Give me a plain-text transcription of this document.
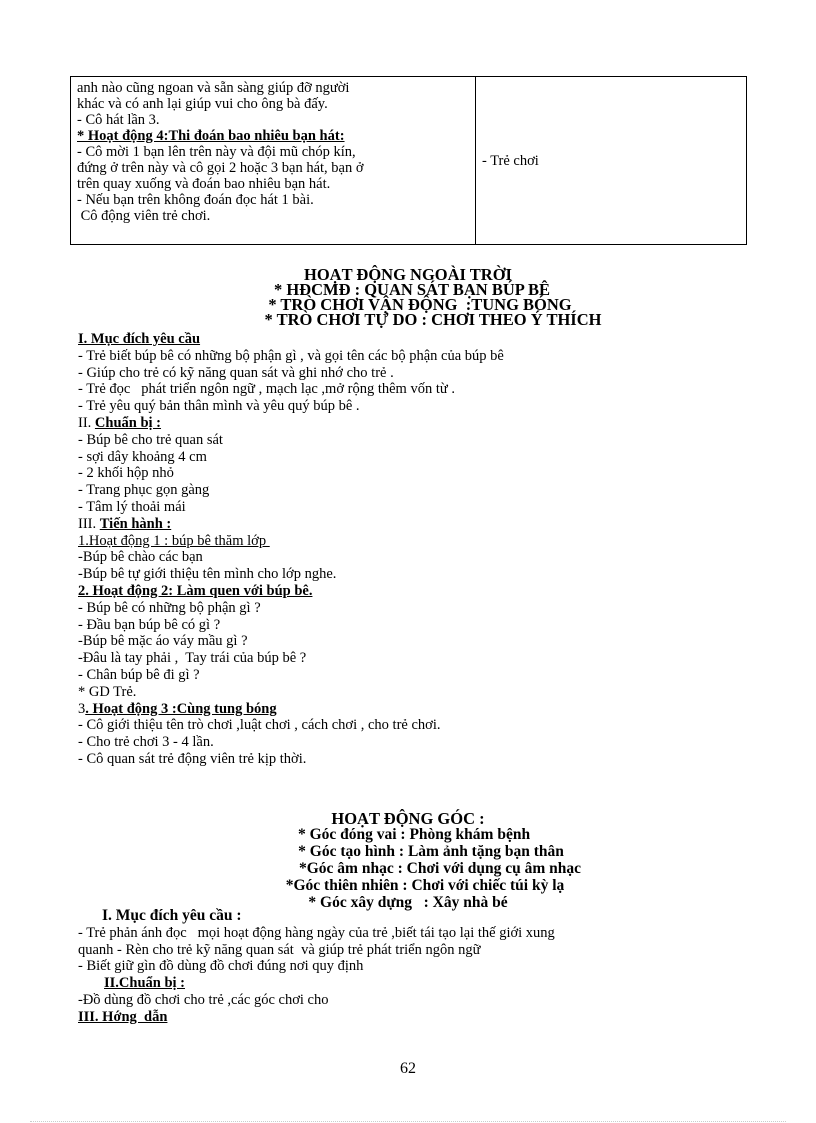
anh nào cũng ngoan và sẵn sàng giúp đỡ người
khác và có anh lại giúp vui cho ông bà đấy.
- Cô hát lần 3.
* Hoạt động 4:Thi đoán bao nhiêu bạn hát:
- Cô mời 1 bạn lên trên này và đội mũ chóp kín,
đứng ở trên này và cô gọi 2 hoặc 3 bạn hát, bạn ở
trên quay xuống và đoán bao nhiêu bạn hát.
- Nếu bạn trên không đoán đọc hát 1 bài.
Cô động viên trẻ chơi.
	- Trẻ chơi
HOẠT ĐỘNG NGOÀI TRỜI
* HĐCMĐ : QUAN SÁT BẠN BÚP BÊ
* TRÒ CHƠI VẬN ĐỘNG  :TUNG BÓNG
* TRÒ CHƠI TỰ DO : CHƠI THEO Ý THÍCH
I. Mục đích yêu cầu
- Trẻ biết búp bê có những bộ phận gì , và gọi tên các bộ phận của búp bê
- Giúp cho trẻ có kỹ năng quan sát và ghi nhớ cho trẻ .
- Trẻ đọc   phát triển ngôn ngữ , mạch lạc ,mở rộng thêm vốn từ .
- Trẻ yêu quý bản thân mình và yêu quý búp bê .
II. Chuẩn bị :
- Búp bê cho trẻ quan sát
- sợi dây khoảng 4 cm
- 2 khối hộp nhỏ
- Trang phục gọn gàng
- Tâm lý thoải mái
III. Tiến hành :
1.Hoạt động 1 : búp bê thăm lớp
-Búp bê chào các bạn
-Búp bê tự giới thiệu tên mình cho lớp nghe.
2. Hoạt động 2: Làm quen với búp bê.
- Búp bê có những bộ phận gì ?
- Đầu bạn búp bê có gì ?
-Búp bê mặc áo váy mầu gì ?
-Đâu là tay phải ,  Tay trái của búp bê ?
- Chân búp bê đi gì ?
* GD Trẻ.
3. Hoạt động 3 :Cùng tung bóng
- Cô giới thiệu tên trò chơi ,luật chơi , cách chơi , cho trẻ chơi.
- Cho trẻ chơi 3 - 4 lần.
- Cô quan sát trẻ động viên trẻ kịp thời.
HOẠT ĐỘNG GÓC :
* Góc đóng vai : Phòng khám bệnh
* Góc tạo hình : Làm ảnh tặng bạn thân
*Góc âm nhạc : Chơi với dụng cụ âm nhạc
*Góc thiên nhiên : Chơi với chiếc túi kỳ lạ
* Góc xây dựng   : Xây nhà bé
I. Mục đích yêu cầu :
- Trẻ phản ánh đọc   mọi hoạt động hàng ngày của trẻ ,biết tái tạo lại thế giới xung
quanh - Rèn cho trẻ kỹ năng quan sát  và giúp trẻ phát triển ngôn ngữ
- Biết giữ gìn đồ dùng đồ chơi đúng nơi quy định
II.Chuẩn bị :
-Đồ dùng đồ chơi cho trẻ ,các góc chơi cho
III. Hớng  dẫn
62
